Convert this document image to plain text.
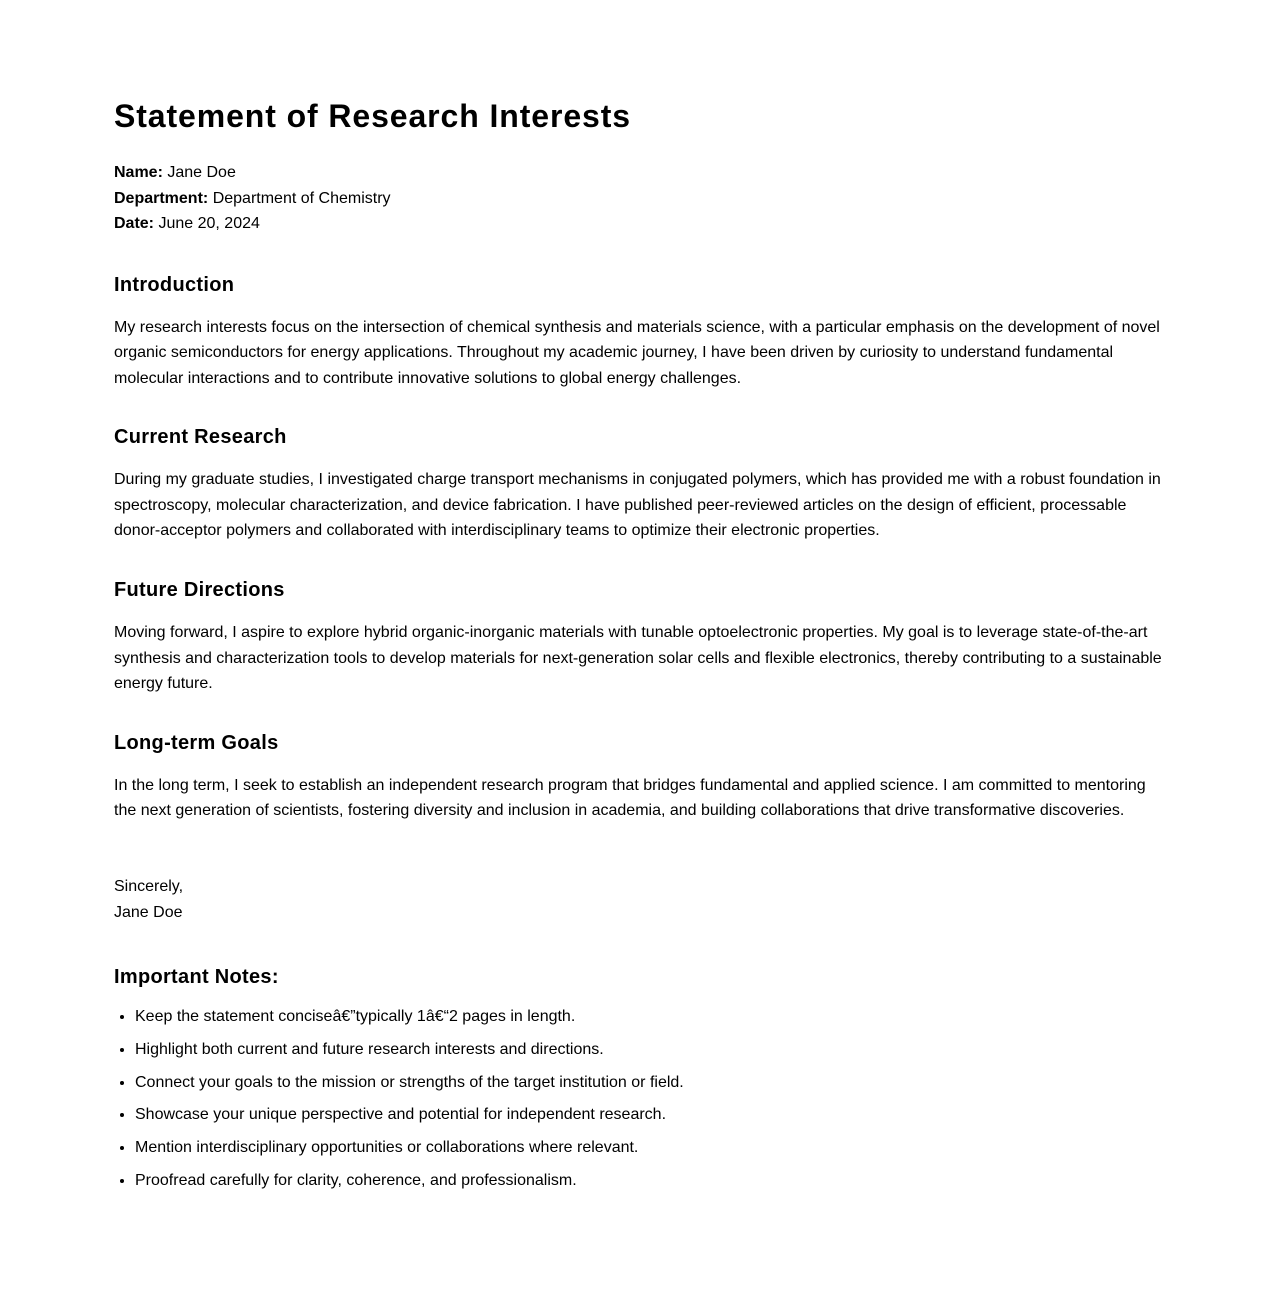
Statement of Research Interests
Name: Jane Doe
Department: Department of Chemistry
Date: June 20, 2024
Introduction

My research interests focus on the intersection of chemical synthesis and materials science, with a particular emphasis on the development of novel organic semiconductors for energy applications. Throughout my academic journey, I have been driven by curiosity to understand fundamental molecular interactions and to contribute innovative solutions to global energy challenges.

Current Research

During my graduate studies, I investigated charge transport mechanisms in conjugated polymers, which has provided me with a robust foundation in spectroscopy, molecular characterization, and device fabrication. I have published peer-reviewed articles on the design of efficient, processable donor-acceptor polymers and collaborated with interdisciplinary teams to optimize their electronic properties.

Future Directions

Moving forward, I aspire to explore hybrid organic-inorganic materials with tunable optoelectronic properties. My goal is to leverage state-of-the-art synthesis and characterization tools to develop materials for next-generation solar cells and flexible electronics, thereby contributing to a sustainable energy future.

Long-term Goals

In the long term, I seek to establish an independent research program that bridges fundamental and applied science. I am committed to mentoring the next generation of scientists, fostering diversity and inclusion in academia, and building collaborations that drive transformative discoveries.

Sincerely,
Jane Doe
Important Notes:
• Keep the statement conciseâ€”typically 1â€“2 pages in length.
• Highlight both current and future research interests and directions.
• Connect your goals to the mission or strengths of the target institution or field.
• Showcase your unique perspective and potential for independent research.
• Mention interdisciplinary opportunities or collaborations where relevant.
• Proofread carefully for clarity, coherence, and professionalism.
